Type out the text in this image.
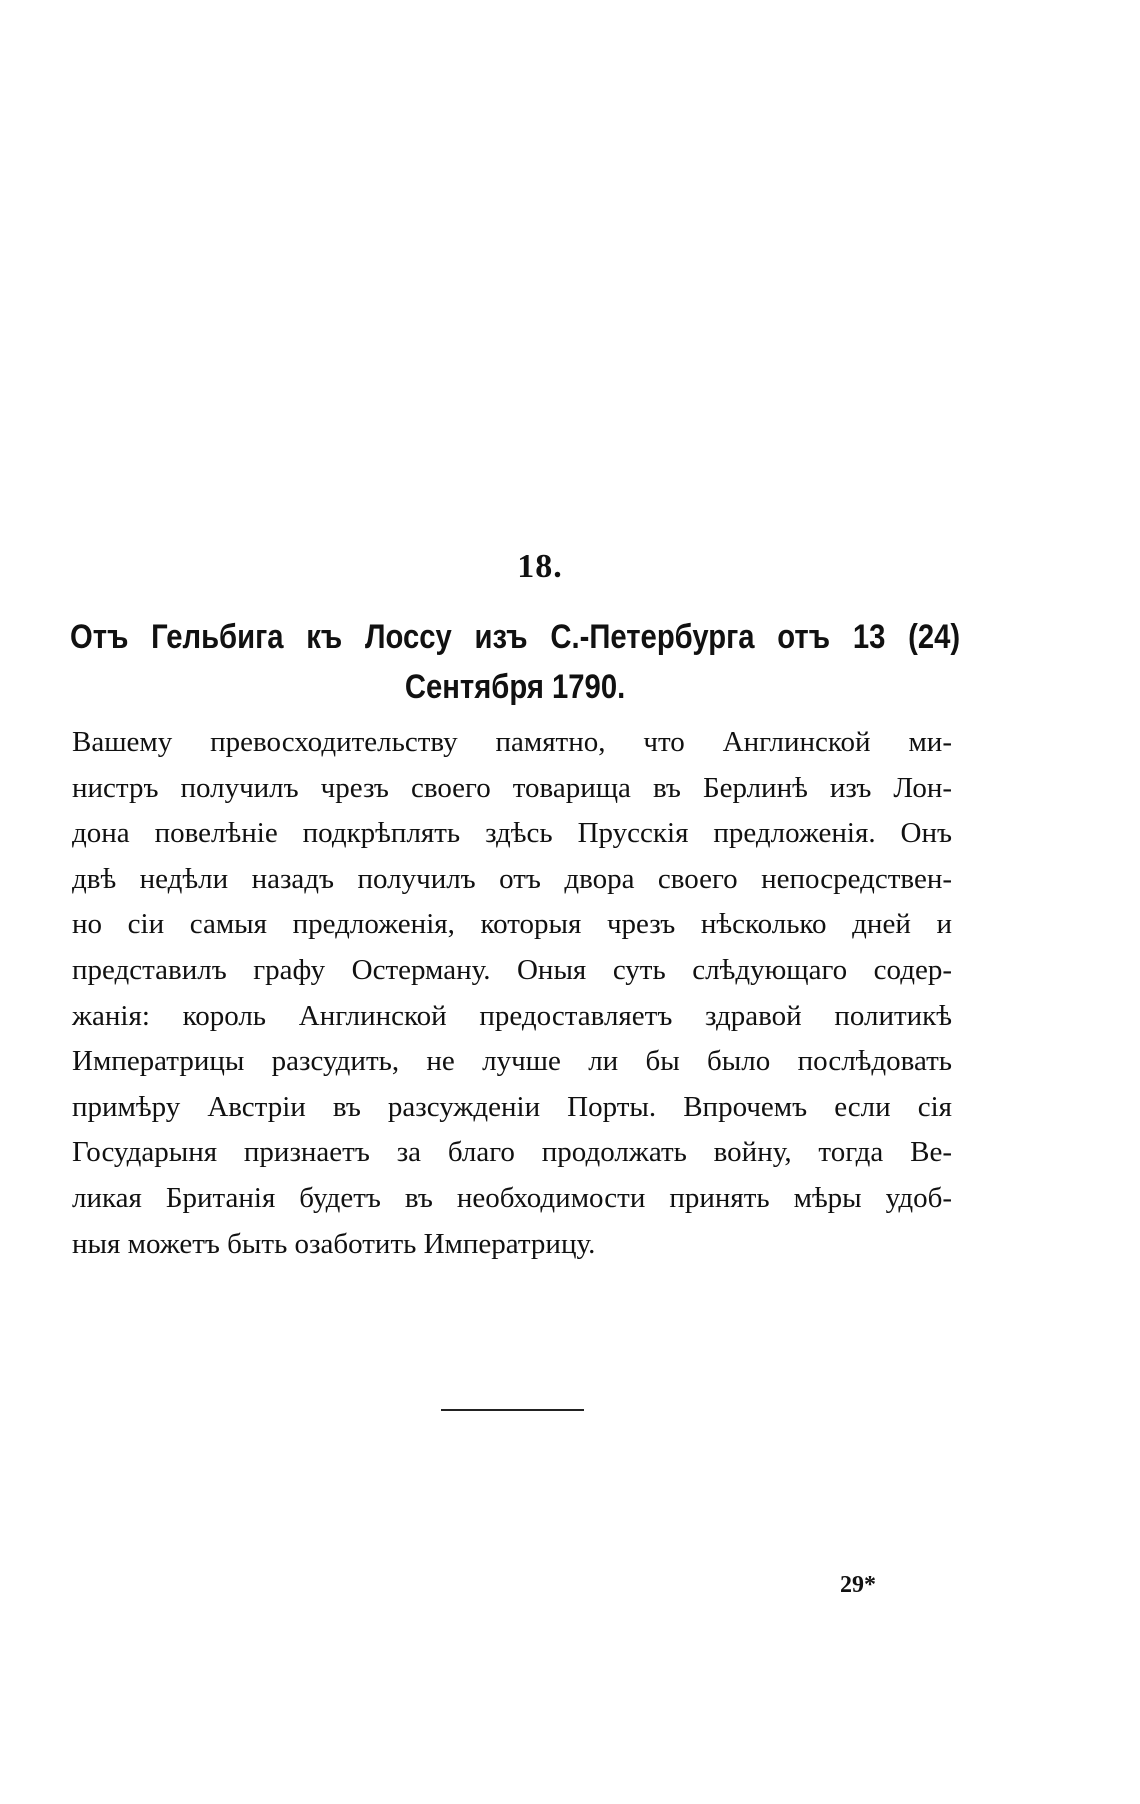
18.
Отъ Гельбига къ Лоссу изъ С.-Петербурга отъ 13 (24)
Сентября 1790.
Вашему превосходительству памятно, что Англинской ми-
нистръ получилъ чрезъ своего товарища въ Берлинѣ изъ Лон-
дона повелѣніе подкрѣплять здѣсь Прусскія предложенія. Онъ
двѣ недѣли назадъ получилъ отъ двора своего непосредствен-
но сіи самыя предложенія, которыя чрезъ нѣсколько дней и
представилъ графу Остерману. Оныя суть слѣдующаго содер-
жанія: король Англинской предоставляетъ здравой политикѣ
Императрицы разсудить, не лучше ли бы было послѣдовать
примѣру Австріи въ разсужденіи Порты. Впрочемъ если сія
Государыня признаетъ за благо продолжать войну, тогда Ве-
ликая Британія будетъ въ необходимости принять мѣры удоб-
ныя можетъ быть озаботить Императрицу.
29*
